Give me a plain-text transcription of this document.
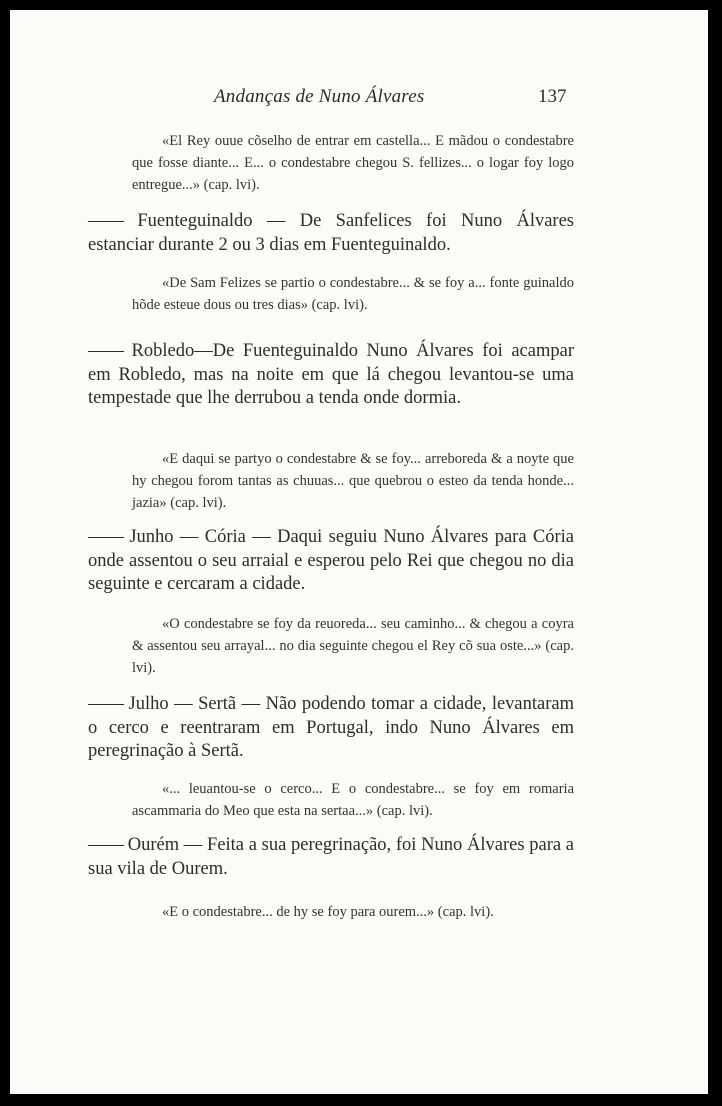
Andanças de Nuno Álvares	137

«El Rey ouue cõselho de entrar em castella... E mãdou o condestabre que fosse diante... E... o condestabre chegou S. fellizes... o logar foy logo entregue...» (cap. lvi).

—— Fuenteguinaldo — De Sanfelices foi Nuno Álvares estanciar durante 2 ou 3 dias em Fuenteguinaldo.

«De Sam Felizes se partio o condestabre... & se foy a... fonte guinaldo hõde esteue dous ou tres dias» (cap. lvi).

—— Robledo—De Fuenteguinaldo Nuno Álvares foi acampar em Robledo, mas na noite em que lá chegou levantou-se uma tempestade que lhe derrubou a tenda onde dormia.

«E daqui se partyo o condestabre & se foy... arreboreda & a noyte que hy chegou forom tantas as chuuas... que quebrou o esteo da tenda honde... jazia» (cap. lvi).

—— Junho — Cória — Daqui seguiu Nuno Álvares para Cória onde assentou o seu arraial e esperou pelo Rei que chegou no dia seguinte e cercaram a cidade.

«O condestabre se foy da reuoreda... seu caminho... & chegou a coyra & assentou seu arrayal... no dia seguinte chegou el Rey cõ sua oste...» (cap. lvi).

—— Julho — Sertã — Não podendo tomar a cidade, levantaram o cerco e reentraram em Portugal, indo Nuno Álvares em peregrinação à Sertã.

«... leuantou-se o cerco... E o condestabre... se foy em romaria ascammaria do Meo que esta na sertaa...» (cap. lvi).

—— Ourém — Feita a sua peregrinação, foi Nuno Álvares para a sua vila de Ourem.

«E o condestabre... de hy se foy para ourem...» (cap. lvi).
